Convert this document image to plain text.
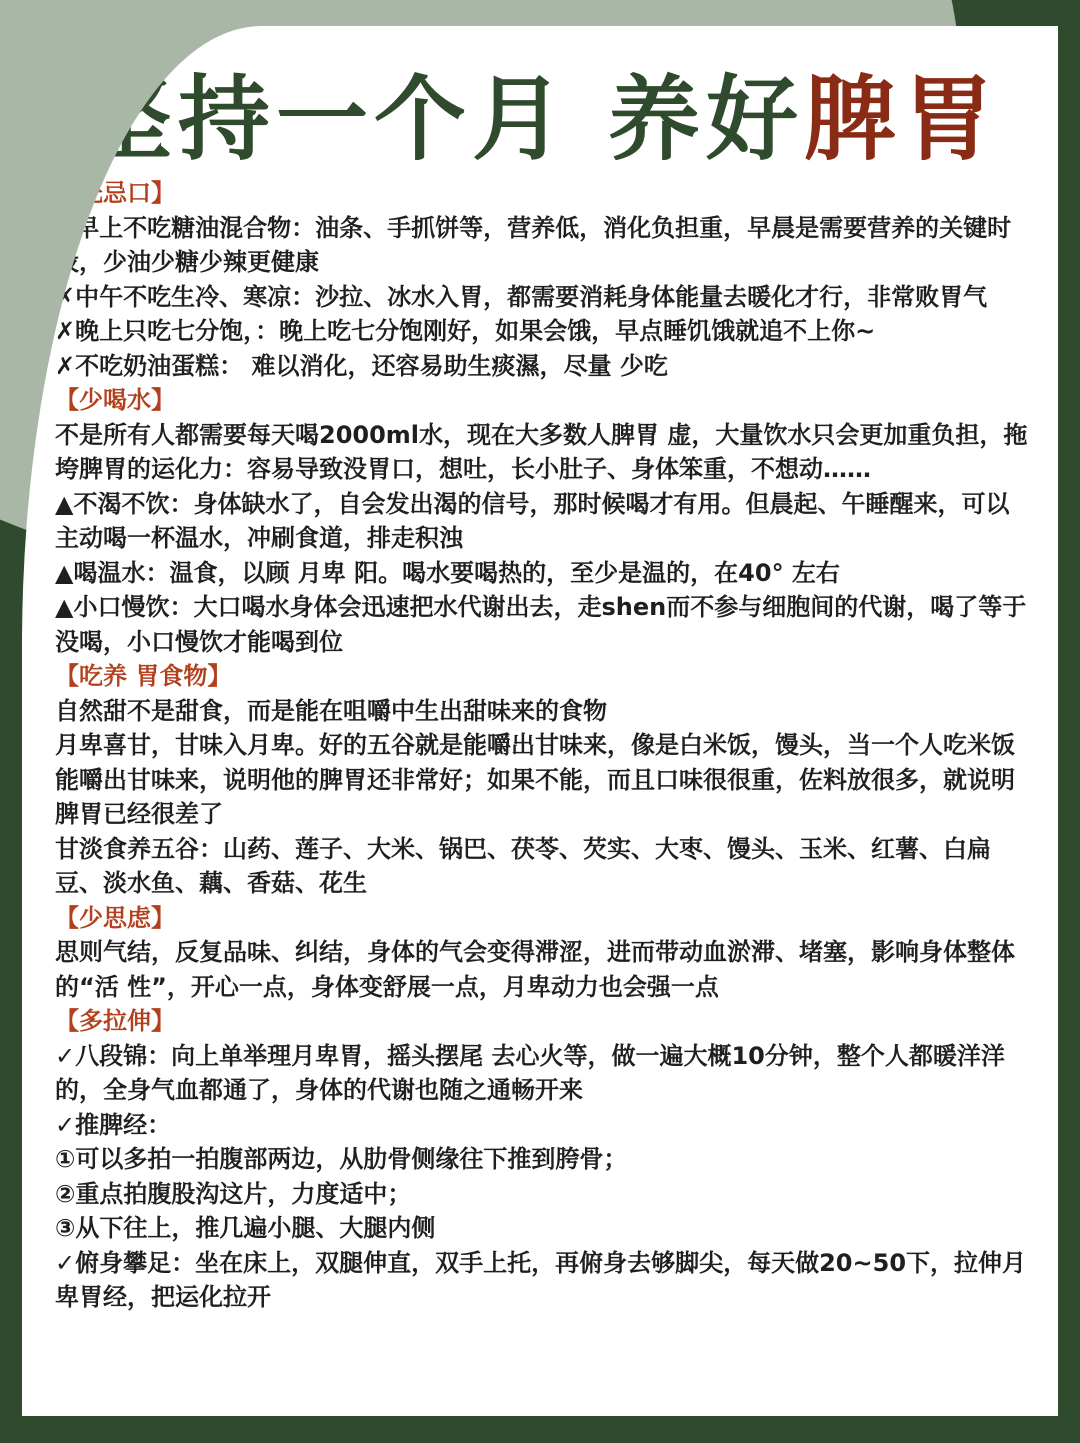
坚持一个月 养好脾胃

【先忌口】

✗早上不吃糖油混合物：油条、手抓饼等，营养低，消化负担重，早晨是需要营养的关键时段，少油少糖少辣更健康

✗中午不吃生冷、寒凉：沙拉、冰水入胃，都需要消耗身体能量去暖化才行，非常败胃气

✗晚上只吃七分饱，：晚上吃七分饱刚好，如果会饿，早点睡饥饿就追不上你~

✗不吃奶油蛋糕： 难以消化，还容易助生痰濕，尽量 少吃

【少喝水】

不是所有人都需要每天喝2000ml水，现在大多数人脾胃 虚，大量饮水只会更加重负担，拖垮脾胃的运化力：容易导致没胃口，想吐，长小肚子、身体笨重，不想动……

▲不渴不饮：身体缺水了，自会发出渴的信号，那时候喝才有用。但晨起、午睡醒来，可以主动喝一杯温水，冲刷食道，排走积浊

▲喝温水：温食，以顾 月卑 阳。喝水要喝热的，至少是温的，在40° 左右

▲小口慢饮：大口喝水身体会迅速把水代谢出去，走shen而不参与细胞间的代谢，喝了等于没喝，小口慢饮才能喝到位

【吃养 胃食物】

自然甜不是甜食，而是能在咀嚼中生出甜味来的食物

月卑喜甘，甘味入月卑。好的五谷就是能嚼出甘味来，像是白米饭，馒头，当一个人吃米饭能嚼出甘味来，说明他的脾胃还非常好；如果不能，而且口味很很重，佐料放很多，就说明脾胃已经很差了

甘淡食养五谷：山药、莲子、大米、锅巴、茯苓、芡实、大枣、馒头、玉米、红薯、白扁豆、淡水鱼、藕、香菇、花生

【少思虑】

思则气结，反复品味、纠结，身体的气会变得滞涩，进而带动血淤滞、堵塞，影响身体整体的“活 性”，开心一点，身体变舒展一点，月卑动力也会强一点

【多拉伸】

✓八段锦：向上单举理月卑胃，摇头摆尾 去心火等，做一遍大概10分钟，整个人都暖洋洋的，全身气血都通了，身体的代谢也随之通畅开来

✓推脾经：

①可以多拍一拍腹部两边，从肋骨侧缘往下推到胯骨；

②重点拍腹股沟这片，力度适中；

③从下往上，推几遍小腿、大腿内侧

✓俯身攀足：坐在床上，双腿伸直，双手上托，再俯身去够脚尖，每天做20~50下，拉伸月卑胃经，把运化拉开
